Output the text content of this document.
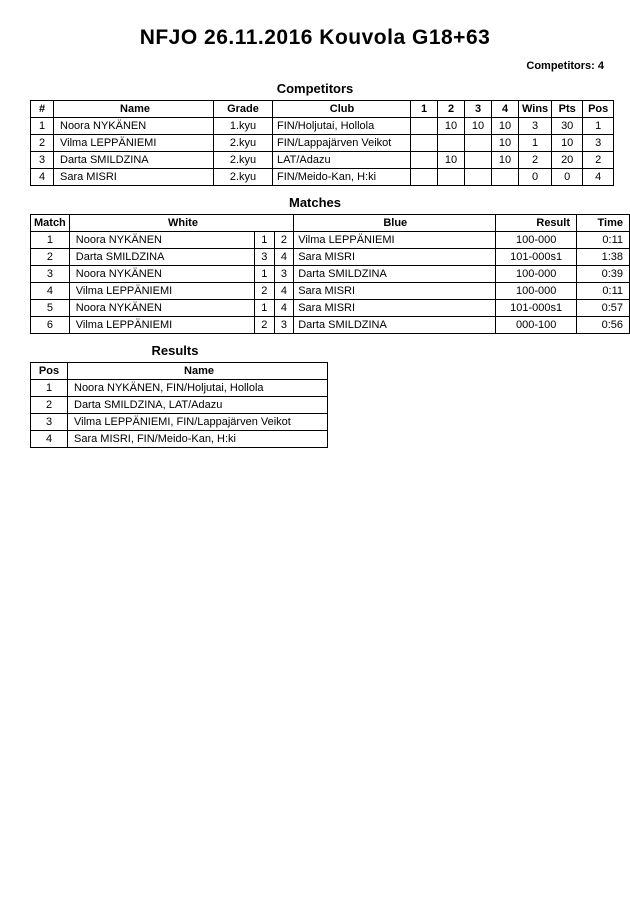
NFJO 26.11.2016 Kouvola G18+63
Competitors: 4
Competitors
#	Name	Grade	Club	1	2	3	4	Wins	Pts	Pos
1	Noora NYKÄNEN	1.kyu	FIN/Holjutai, Hollola		10	10	10	3	30	1
2	Vilma LEPPÄNIEMI	2.kyu	FIN/Lappajärven Veikot				10	1	10	3
3	Darta SMILDZINA	2.kyu	LAT/Adazu		10		10	2	20	2
4	Sara MISRI	2.kyu	FIN/Meido-Kan, H:ki					0	0	4
Matches
Match	White			Blue	Result	Time
1	Noora NYKÄNEN	1	2	Vilma LEPPÄNIEMI	100-000	0:11
2	Darta SMILDZINA	3	4	Sara MISRI	101-000s1	1:38
3	Noora NYKÄNEN	1	3	Darta SMILDZINA	100-000	0:39
4	Vilma LEPPÄNIEMI	2	4	Sara MISRI	100-000	0:11
5	Noora NYKÄNEN	1	4	Sara MISRI	101-000s1	0:57
6	Vilma LEPPÄNIEMI	2	3	Darta SMILDZINA	000-100	0:56
Results
Pos	Name
1	Noora NYKÄNEN, FIN/Holjutai, Hollola
2	Darta SMILDZINA, LAT/Adazu
3	Vilma LEPPÄNIEMI, FIN/Lappajärven Veikot
4	Sara MISRI, FIN/Meido-Kan, H:ki
